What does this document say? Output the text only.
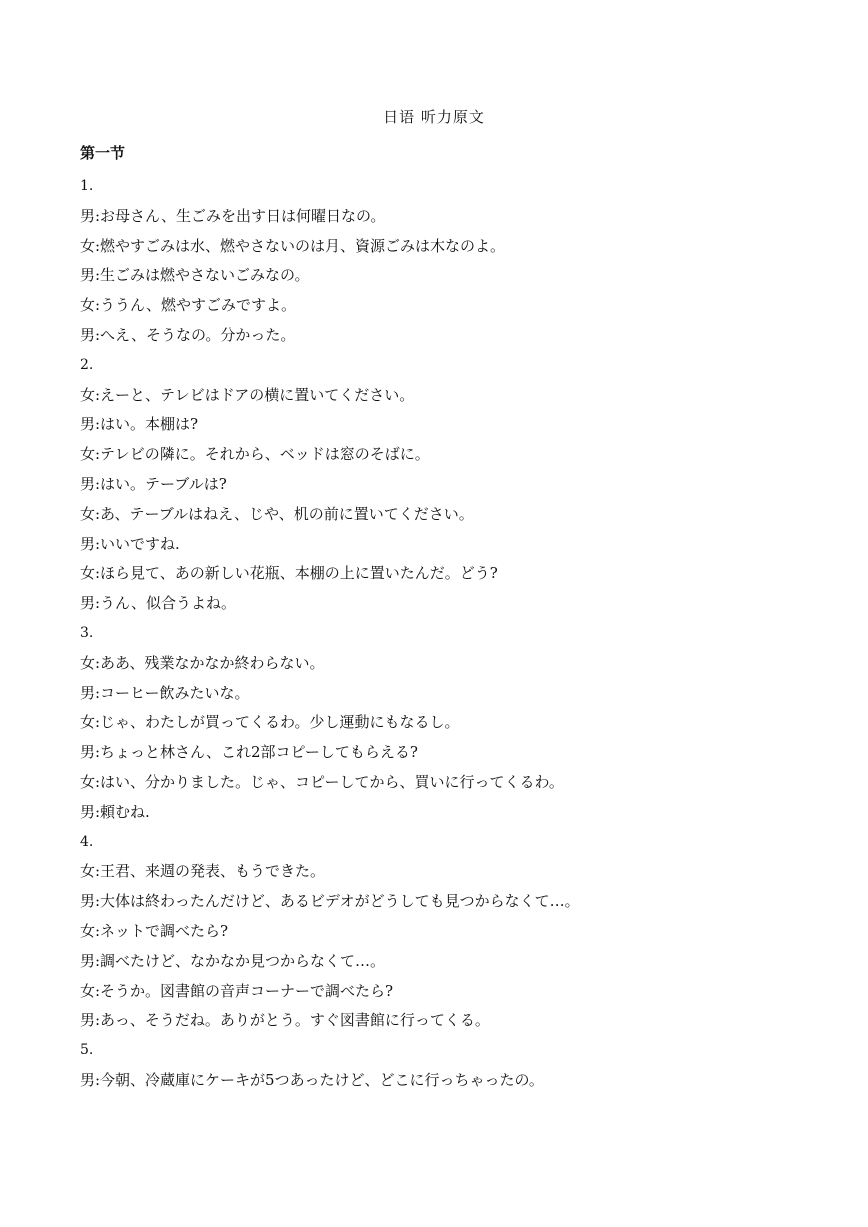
日语 听力原文
第一节
1.
男:お母さん、生ごみを出す日は何曜日なの。
女:燃やすごみは水、燃やさないのは月、資源ごみは木なのよ。
男:生ごみは燃やさないごみなの。
女:ううん、燃やすごみですよ。
男:へえ、そうなの。分かった。
2.
女:えーと、テレビはドアの横に置いてください。
男:はい。本棚は?
女:テレビの隣に。それから、ベッドは窓のそばに。
男:はい。テーブルは?
女:あ、テーブルはねえ、じや、机の前に置いてください。
男:いいですね.
女:ほら見て、あの新しい花瓶、本棚の上に置いたんだ。どう?
男:うん、似合うよね。
3.
女:ああ、残業なかなか終わらない。
男:コーヒー飲みたいな。
女:じゃ、わたしが買ってくるわ。少し運動にもなるし。
男:ちょっと林さん、これ2部コピーしてもらえる?
女:はい、分かりました。じゃ、コピーしてから、買いに行ってくるわ。
男:頼むね.
4.
女:王君、来週の発表、もうできた。
男:大体は終わったんだけど、あるビデオがどうしても見つからなくて…。
女:ネットで調べたら?
男:調べたけど、なかなか見つからなくて…。
女:そうか。図書館の音声コーナーで調べたら?
男:あっ、そうだね。ありがとう。すぐ図書館に行ってくる。
5.
男:今朝、冷蔵庫にケーキが5つあったけど、どこに行っちゃったの。
